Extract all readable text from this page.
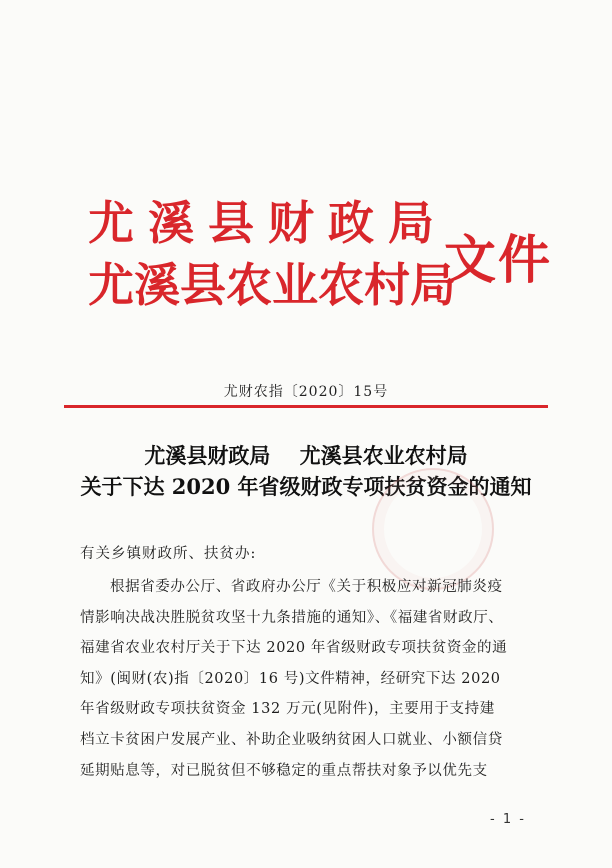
尤溪县财政局
尤溪县农业农村局
文件
尤财农指〔2020〕15号
尤溪县财政局    尤溪县农业农村局
关于下达 2020 年省级财政专项扶贫资金的通知
有关乡镇财政所、扶贫办:
根据省委办公厅、省政府办公厅《关于积极应对新冠肺炎疫
情影响决战决胜脱贫攻坚十九条措施的通知》、《福建省财政厅、
福建省农业农村厅关于下达 2020 年省级财政专项扶贫资金的通
知》(闽财(农)指〔2020〕16 号)文件精神，经研究下达 2020
年省级财政专项扶贫资金 132 万元(见附件)，主要用于支持建
档立卡贫困户发展产业、补助企业吸纳贫困人口就业、小额信贷
延期贴息等，对已脱贫但不够稳定的重点帮扶对象予以优先支
- 1 -
